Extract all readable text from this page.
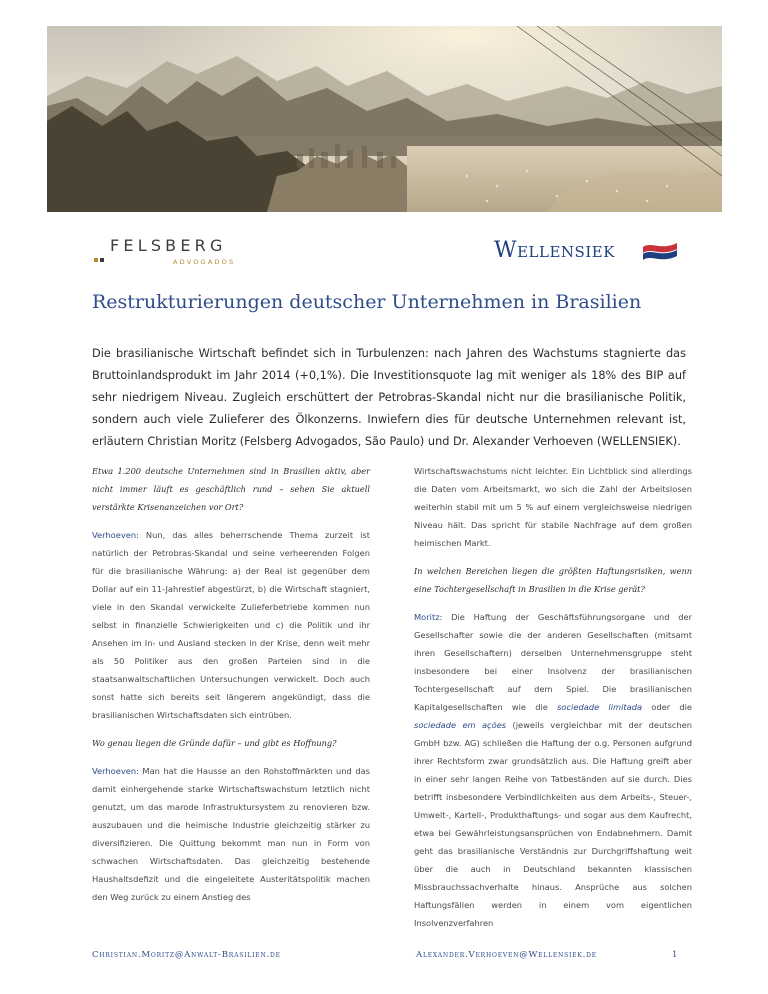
FELSBERG
ADVOGADOS	Wellensiek
Restrukturierungen deutscher Unternehmen in Brasilien

Die brasilianische Wirtschaft befindet sich in Turbulenzen: nach Jahren des Wachstums stagnierte das Bruttoinlandsprodukt im Jahr 2014 (+0,1%). Die Investitionsquote lag mit weniger als 18% des BIP auf sehr niedrigem Niveau. Zugleich erschüttert der Petrobras-Skandal nicht nur die brasilianische Politik, sondern auch viele Zulieferer des Ölkonzerns. Inwiefern dies für deutsche Unternehmen relevant ist, erläutern Christian Moritz (Felsberg Advogados, São Paulo) und Dr. Alexander Verhoeven (WELLENSIEK).

Etwa 1.200 deutsche Unternehmen sind in Brasilien aktiv, aber nicht immer läuft es geschäftlich rund – sehen Sie aktuell verstärkte Krisenanzeichen vor Ort?

Verhoeven: Nun, das alles beherrschende Thema zurzeit ist natürlich der Petrobras-Skandal und seine verheerenden Folgen für die brasilianische Währung: a) der Real ist gegenüber dem Dollar auf ein 11-Jahrestief abgestürzt, b) die Wirtschaft stagniert, viele in den Skandal verwickelte Zulieferbetriebe kommen nun selbst in finanzielle Schwierigkeiten und c) die Politik und ihr Ansehen im In- und Ausland stecken in der Krise, denn weit mehr als 50 Politiker aus den großen Parteien sind in die staatsanwaltschaftlichen Untersuchungen verwickelt. Doch auch sonst hatte sich bereits seit längerem angekündigt, dass die brasilianischen Wirtschaftsdaten sich eintrüben.

Wo genau liegen die Gründe dafür – und gibt es Hoffnung?

Verhoeven: Man hat die Hausse an den Rohstoffmärkten und das damit einhergehende starke Wirtschaftswachstum letztlich nicht genutzt, um das marode Infrastruktursystem zu renovieren bzw. auszubauen und die heimische Industrie gleichzeitig stärker zu diversifizieren. Die Quittung bekommt man nun in Form von schwachen Wirtschaftsdaten. Das gleichzeitig bestehende Haushaltsdefizit und die eingeleitete Austeritätspolitik machen den Weg zurück zu einem Anstieg des

Wirtschaftswachstums nicht leichter. Ein Lichtblick sind allerdings die Daten vom Arbeitsmarkt, wo sich die Zahl der Arbeitslosen weiterhin stabil mit um 5 % auf einem vergleichsweise niedrigen Niveau hält. Das spricht für stabile Nachfrage auf dem großen heimischen Markt.

In welchen Bereichen liegen die größten Haftungsrisiken, wenn eine Tochtergesellschaft in Brasilien in die Krise gerät?

Moritz: Die Haftung der Geschäftsführungsorgane und der Gesellschafter sowie die der anderen Gesellschaften (mitsamt ihren Gesellschaftern) derselben Unternehmensgruppe steht insbesondere bei einer Insolvenz der brasilianischen Tochtergesellschaft auf dem Spiel. Die brasilianischen Kapitalgesellschaften wie die sociedade limitada oder die sociedade em ações (jeweils vergleichbar mit der deutschen GmbH bzw. AG) schließen die Haftung der o.g. Personen aufgrund ihrer Rechtsform zwar grundsätzlich aus. Die Haftung greift aber in einer sehr langen Reihe von Tatbeständen auf sie durch. Dies betrifft insbesondere Verbindlichkeiten aus dem Arbeits-, Steuer-, Umwelt-, Kartell-, Produkthaftungs- und sogar aus dem Kaufrecht, etwa bei Gewährleistungsansprüchen von Endabnehmern. Damit geht das brasilianische Verständnis zur Durchgriffshaftung weit über die auch in Deutschland bekannten klassischen Missbrauchssachverhalte hinaus. Ansprüche aus solchen Haftungsfällen werden in einem vom eigentlichen Insolvenzverfahren

Christian.Moritz@Anwalt-Brasilien.de	Alexander.Verhoeven@Wellensiek.de	1
